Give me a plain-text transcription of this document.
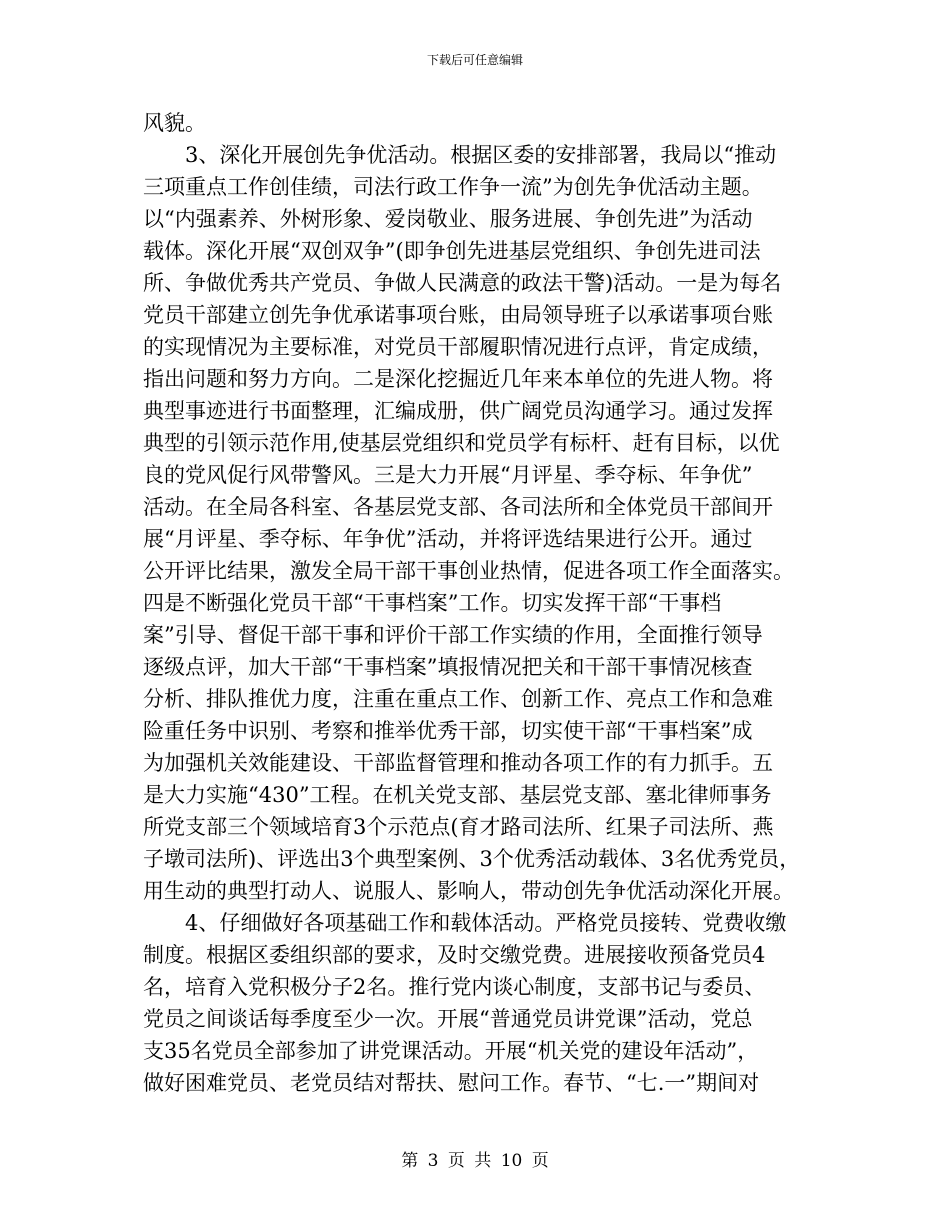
下载后可任意编辑
风貌。
3、深化开展创先争优活动。根据区委的安排部署，我局以“推动
三项重点工作创佳绩，司法行政工作争一流”为创先争优活动主题。
以“内强素养、外树形象、爱岗敬业、服务进展、争创先进”为活动
载体。深化开展“双创双争”(即争创先进基层党组织、争创先进司法
所、争做优秀共产党员、争做人民满意的政法干警)活动。一是为每名
党员干部建立创先争优承诺事项台账，由局领导班子以承诺事项台账
的实现情况为主要标准，对党员干部履职情况进行点评，肯定成绩，
指出问题和努力方向。二是深化挖掘近几年来本单位的先进人物。将
典型事迹进行书面整理，汇编成册，供广阔党员沟通学习。通过发挥
典型的引领示范作用,使基层党组织和党员学有标杆、赶有目标，以优
良的党风促行风带警风。三是大力开展“月评星、季夺标、年争优”
活动。在全局各科室、各基层党支部、各司法所和全体党员干部间开
展“月评星、季夺标、年争优”活动，并将评选结果进行公开。通过
公开评比结果，激发全局干部干事创业热情，促进各项工作全面落实。
四是不断强化党员干部“干事档案”工作。切实发挥干部“干事档
案”引导、督促干部干事和评价干部工作实绩的作用，全面推行领导
逐级点评，加大干部“干事档案”填报情况把关和干部干事情况核查
分析、排队推优力度，注重在重点工作、创新工作、亮点工作和急难
险重任务中识别、考察和推举优秀干部，切实使干部“干事档案”成
为加强机关效能建设、干部监督管理和推动各项工作的有力抓手。五
是大力实施“430”工程。在机关党支部、基层党支部、塞北律师事务
所党支部三个领域培育3个示范点(育才路司法所、红果子司法所、燕
子墩司法所)、评选出3个典型案例、3个优秀活动载体、3名优秀党员，
用生动的典型打动人、说服人、影响人，带动创先争优活动深化开展。
4、仔细做好各项基础工作和载体活动。严格党员接转、党费收缴
制度。根据区委组织部的要求，及时交缴党费。进展接收预备党员4
名，培育入党积极分子2名。推行党内谈心制度，支部书记与委员、
党员之间谈话每季度至少一次。开展“普通党员讲党课”活动，党总
支35名党员全部参加了讲党课活动。开展“机关党的建设年活动”，
做好困难党员、老党员结对帮扶、慰问工作。春节、“七.一”期间对
第 3 页 共 10 页
